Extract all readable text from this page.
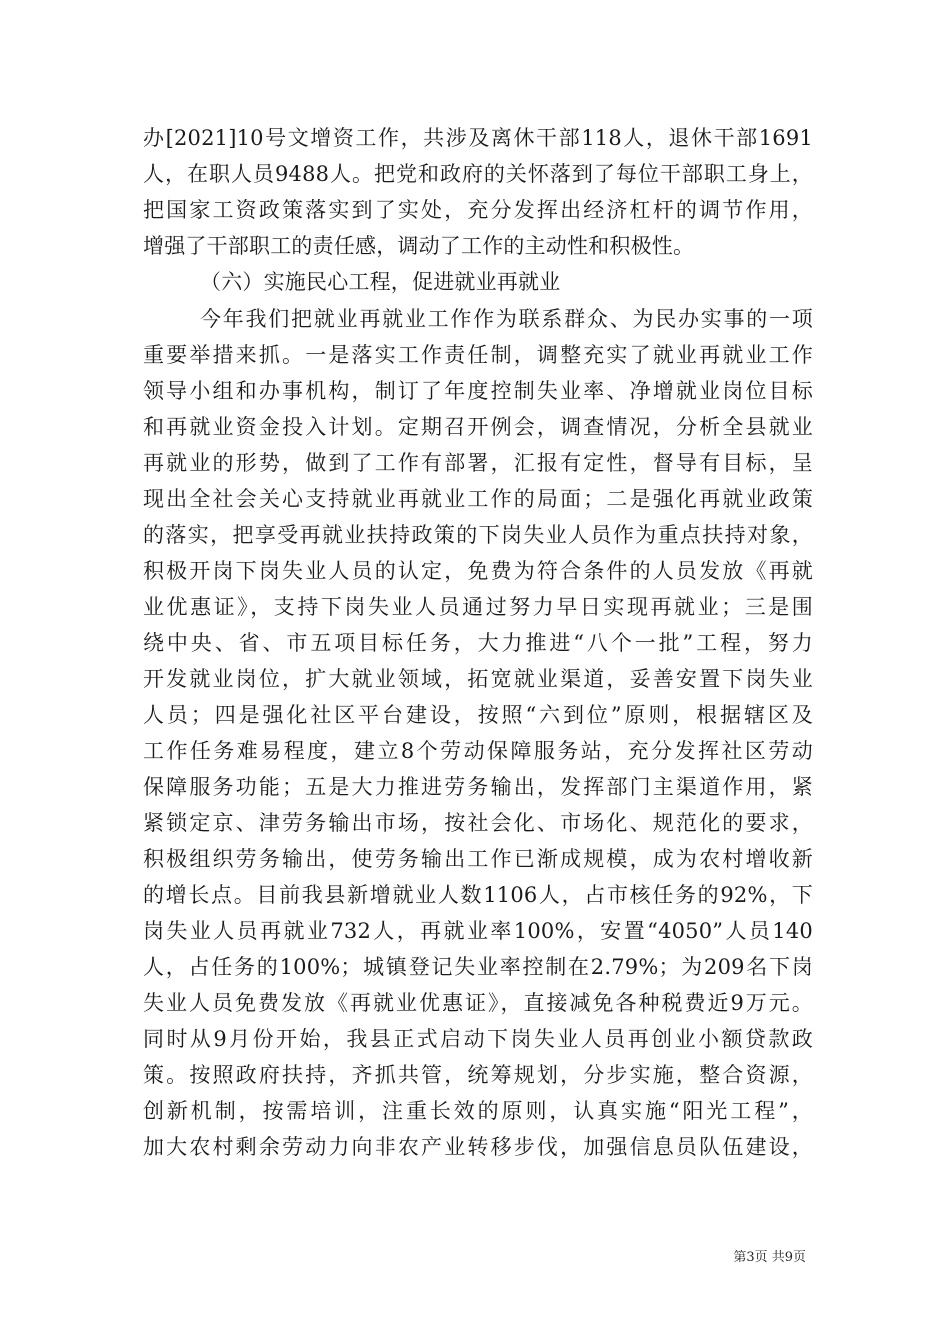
办[2021]10号文增资工作，共涉及离休干部118人，退休干部1691
人，在职人员9488人。把党和政府的关怀落到了每位干部职工身上，
把国家工资政策落实到了实处，充分发挥出经济杠杆的调节作用，
增强了干部职工的责任感，调动了工作的主动性和积极性。
（六）实施民心工程，促进就业再就业
今年我们把就业再就业工作作为联系群众、为民办实事的一项
重要举措来抓。一是落实工作责任制，调整充实了就业再就业工作
领导小组和办事机构，制订了年度控制失业率、净增就业岗位目标
和再就业资金投入计划。定期召开例会，调查情况，分析全县就业
再就业的形势，做到了工作有部署，汇报有定性，督导有目标，呈
现出全社会关心支持就业再就业工作的局面；二是强化再就业政策
的落实，把享受再就业扶持政策的下岗失业人员作为重点扶持对象，
积极开岗下岗失业人员的认定，免费为符合条件的人员发放《再就
业优惠证》，支持下岗失业人员通过努力早日实现再就业；三是围
绕中央、省、市五项目标任务，大力推进“八个一批”工程，努力
开发就业岗位，扩大就业领域，拓宽就业渠道，妥善安置下岗失业
人员；四是强化社区平台建设，按照“六到位”原则，根据辖区及
工作任务难易程度，建立8个劳动保障服务站，充分发挥社区劳动
保障服务功能；五是大力推进劳务输出，发挥部门主渠道作用，紧
紧锁定京、津劳务输出市场，按社会化、市场化、规范化的要求，
积极组织劳务输出，使劳务输出工作已渐成规模，成为农村增收新
的增长点。目前我县新增就业人数1106人，占市核任务的92%，下
岗失业人员再就业732人，再就业率100%，安置“4050”人员140
人，占任务的100%；城镇登记失业率控制在2.79%；为209名下岗
失业人员免费发放《再就业优惠证》，直接减免各种税费近9万元。
同时从9月份开始，我县正式启动下岗失业人员再创业小额贷款政
策。按照政府扶持，齐抓共管，统筹规划，分步实施，整合资源，
创新机制，按需培训，注重长效的原则，认真实施“阳光工程”，
加大农村剩余劳动力向非农产业转移步伐，加强信息员队伍建设，
第3页 共9页
